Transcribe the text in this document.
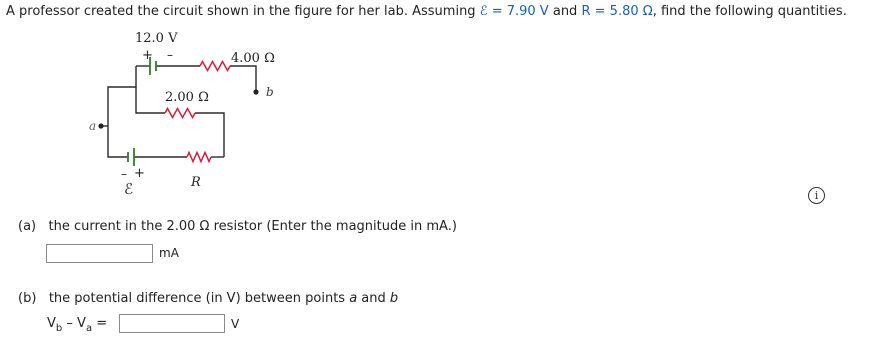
A professor created the circuit shown in the figure for her lab. Assuming ℰ = 7.90 V and R = 5.80 Ω, find the following quantities.
12.0 V
+ –	4.00 Ω
2.00 Ω
R
– +
ℰ
a
b
i
(a) the current in the 2.00 Ω resistor (Enter the magnitude in mA.)
mA
(b) the potential difference (in V) between points a and b
$V_b - V_a$ =	V
